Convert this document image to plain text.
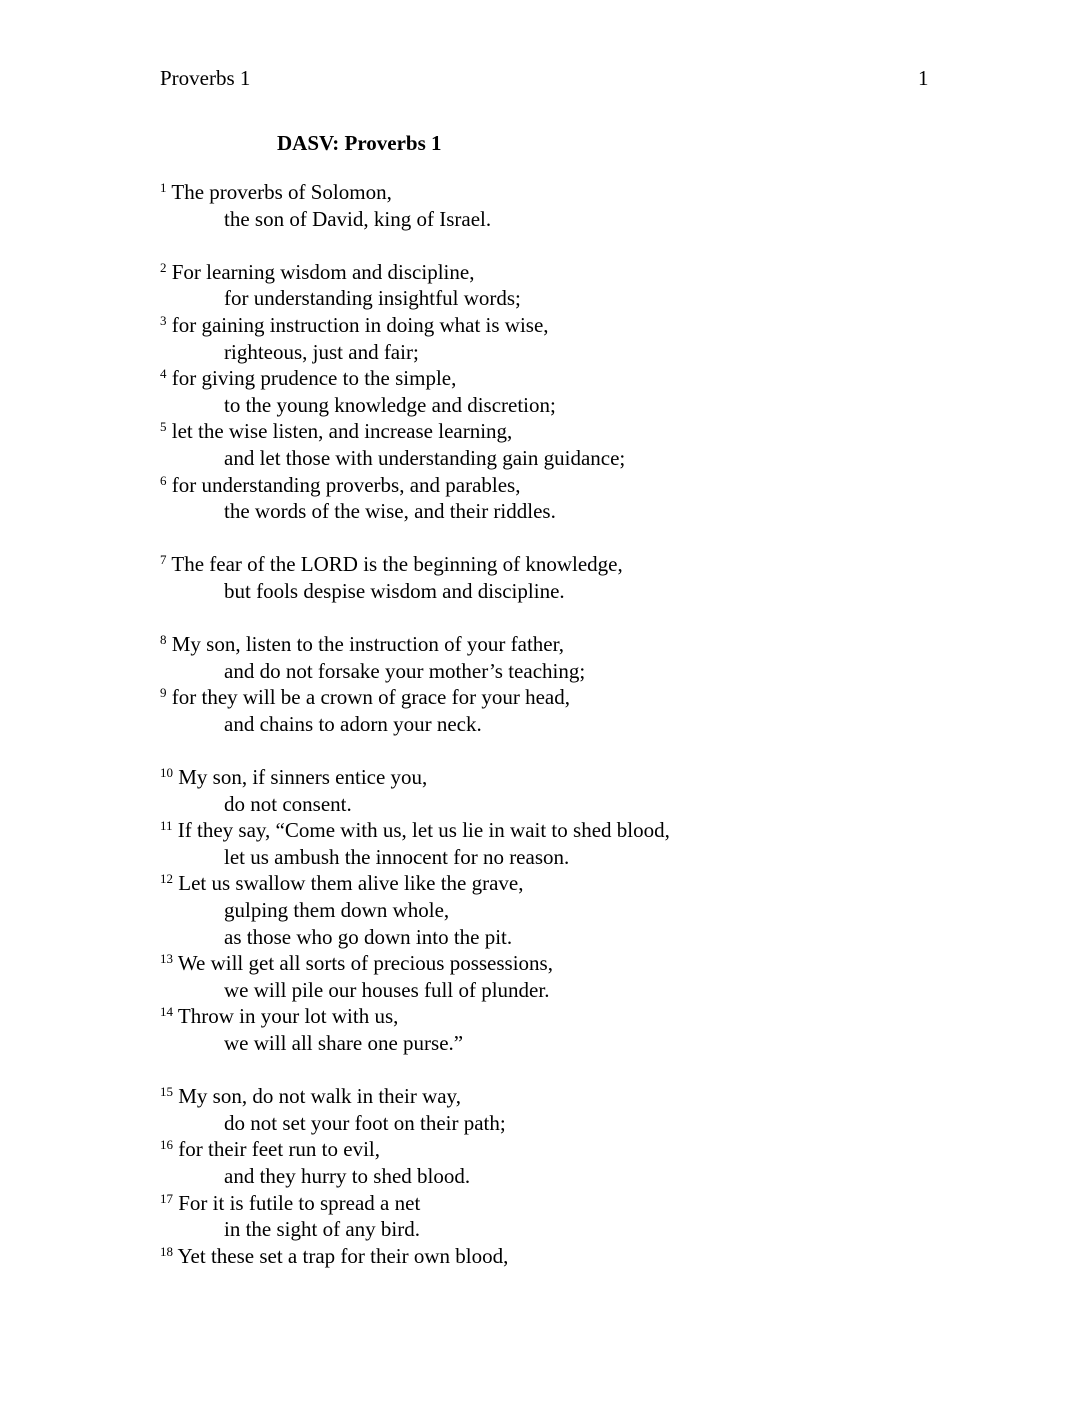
Proverbs 1	1
DASV: Proverbs 1
$^1$ The proverbs of Solomon,
the son of David, king of Israel.
$^2$ For learning wisdom and discipline,
for understanding insightful words;
$^3$ for gaining instruction in doing what is wise,
righteous, just and fair;
$^4$ for giving prudence to the simple,
to the young knowledge and discretion;
$^5$ let the wise listen, and increase learning,
and let those with understanding gain guidance;
$^6$ for understanding proverbs, and parables,
the words of the wise, and their riddles.
$^7$ The fear of the LORD is the beginning of knowledge,
but fools despise wisdom and discipline.
$^8$ My son, listen to the instruction of your father,
and do not forsake your mother’s teaching;
$^9$ for they will be a crown of grace for your head,
and chains to adorn your neck.
$^{10}$ My son, if sinners entice you,
do not consent.
$^{11}$ If they say, “Come with us, let us lie in wait to shed blood,
let us ambush the innocent for no reason.
$^{12}$ Let us swallow them alive like the grave,
gulping them down whole,
as those who go down into the pit.
$^{13}$ We will get all sorts of precious possessions,
we will pile our houses full of plunder.
$^{14}$ Throw in your lot with us,
we will all share one purse.”
$^{15}$ My son, do not walk in their way,
do not set your foot on their path;
$^{16}$ for their feet run to evil,
and they hurry to shed blood.
$^{17}$ For it is futile to spread a net
in the sight of any bird.
$^{18}$ Yet these set a trap for their own blood,
